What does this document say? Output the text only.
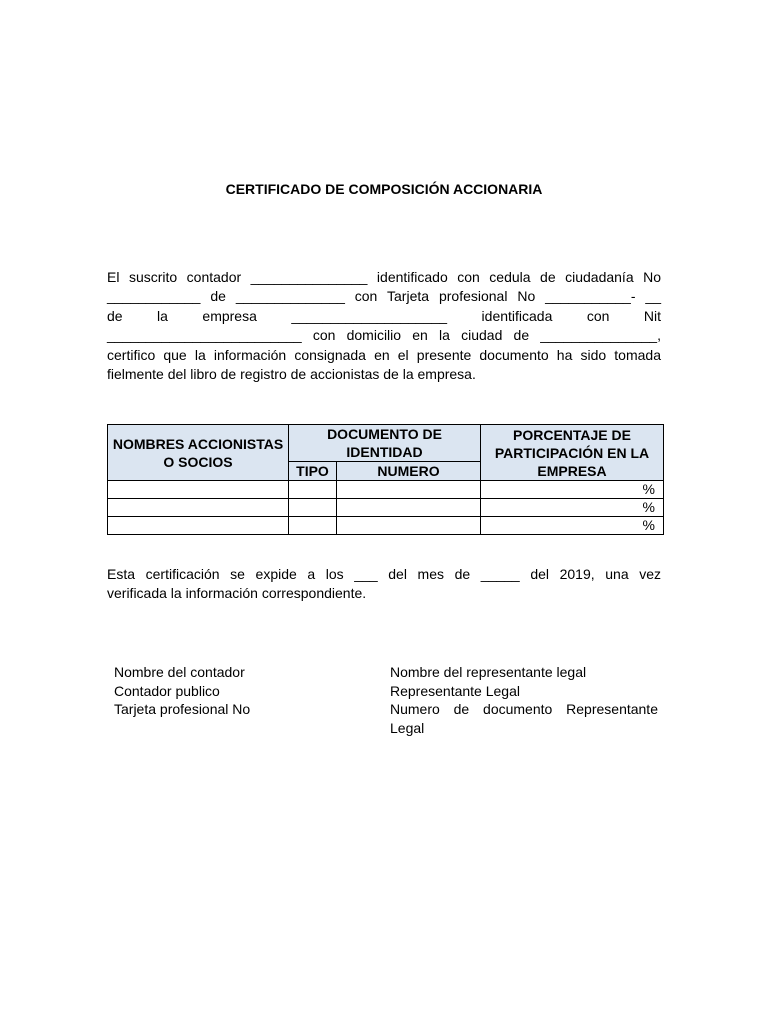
CERTIFICADO DE COMPOSICIÓN ACCIONARIA
El suscrito contador _______________ identificado con cedula de ciudadanía No
____________ de ______________ con Tarjeta profesional No ___________- __
de la empresa ____________________ identificada con Nit
_________________________ con domicilio en la ciudad de _______________,
certifico que la información consignada en el presente documento ha sido tomada
fielmente del libro de registro de accionistas de la empresa.
NOMBRES ACCIONISTAS O SOCIOS	DOCUMENTO DE IDENTIDAD		PORCENTAJE DE PARTICIPACIÓN EN LA EMPRESA
	TIPO	NUMERO	
			%
			%
			%
Esta certificación se expide a los ___ del mes de _____ del 2019, una vez
verificada la información correspondiente.
Nombre del contador
Contador publico
Tarjeta profesional No
Nombre del representante legal
Representante Legal
Numero de documento Representante
Legal
